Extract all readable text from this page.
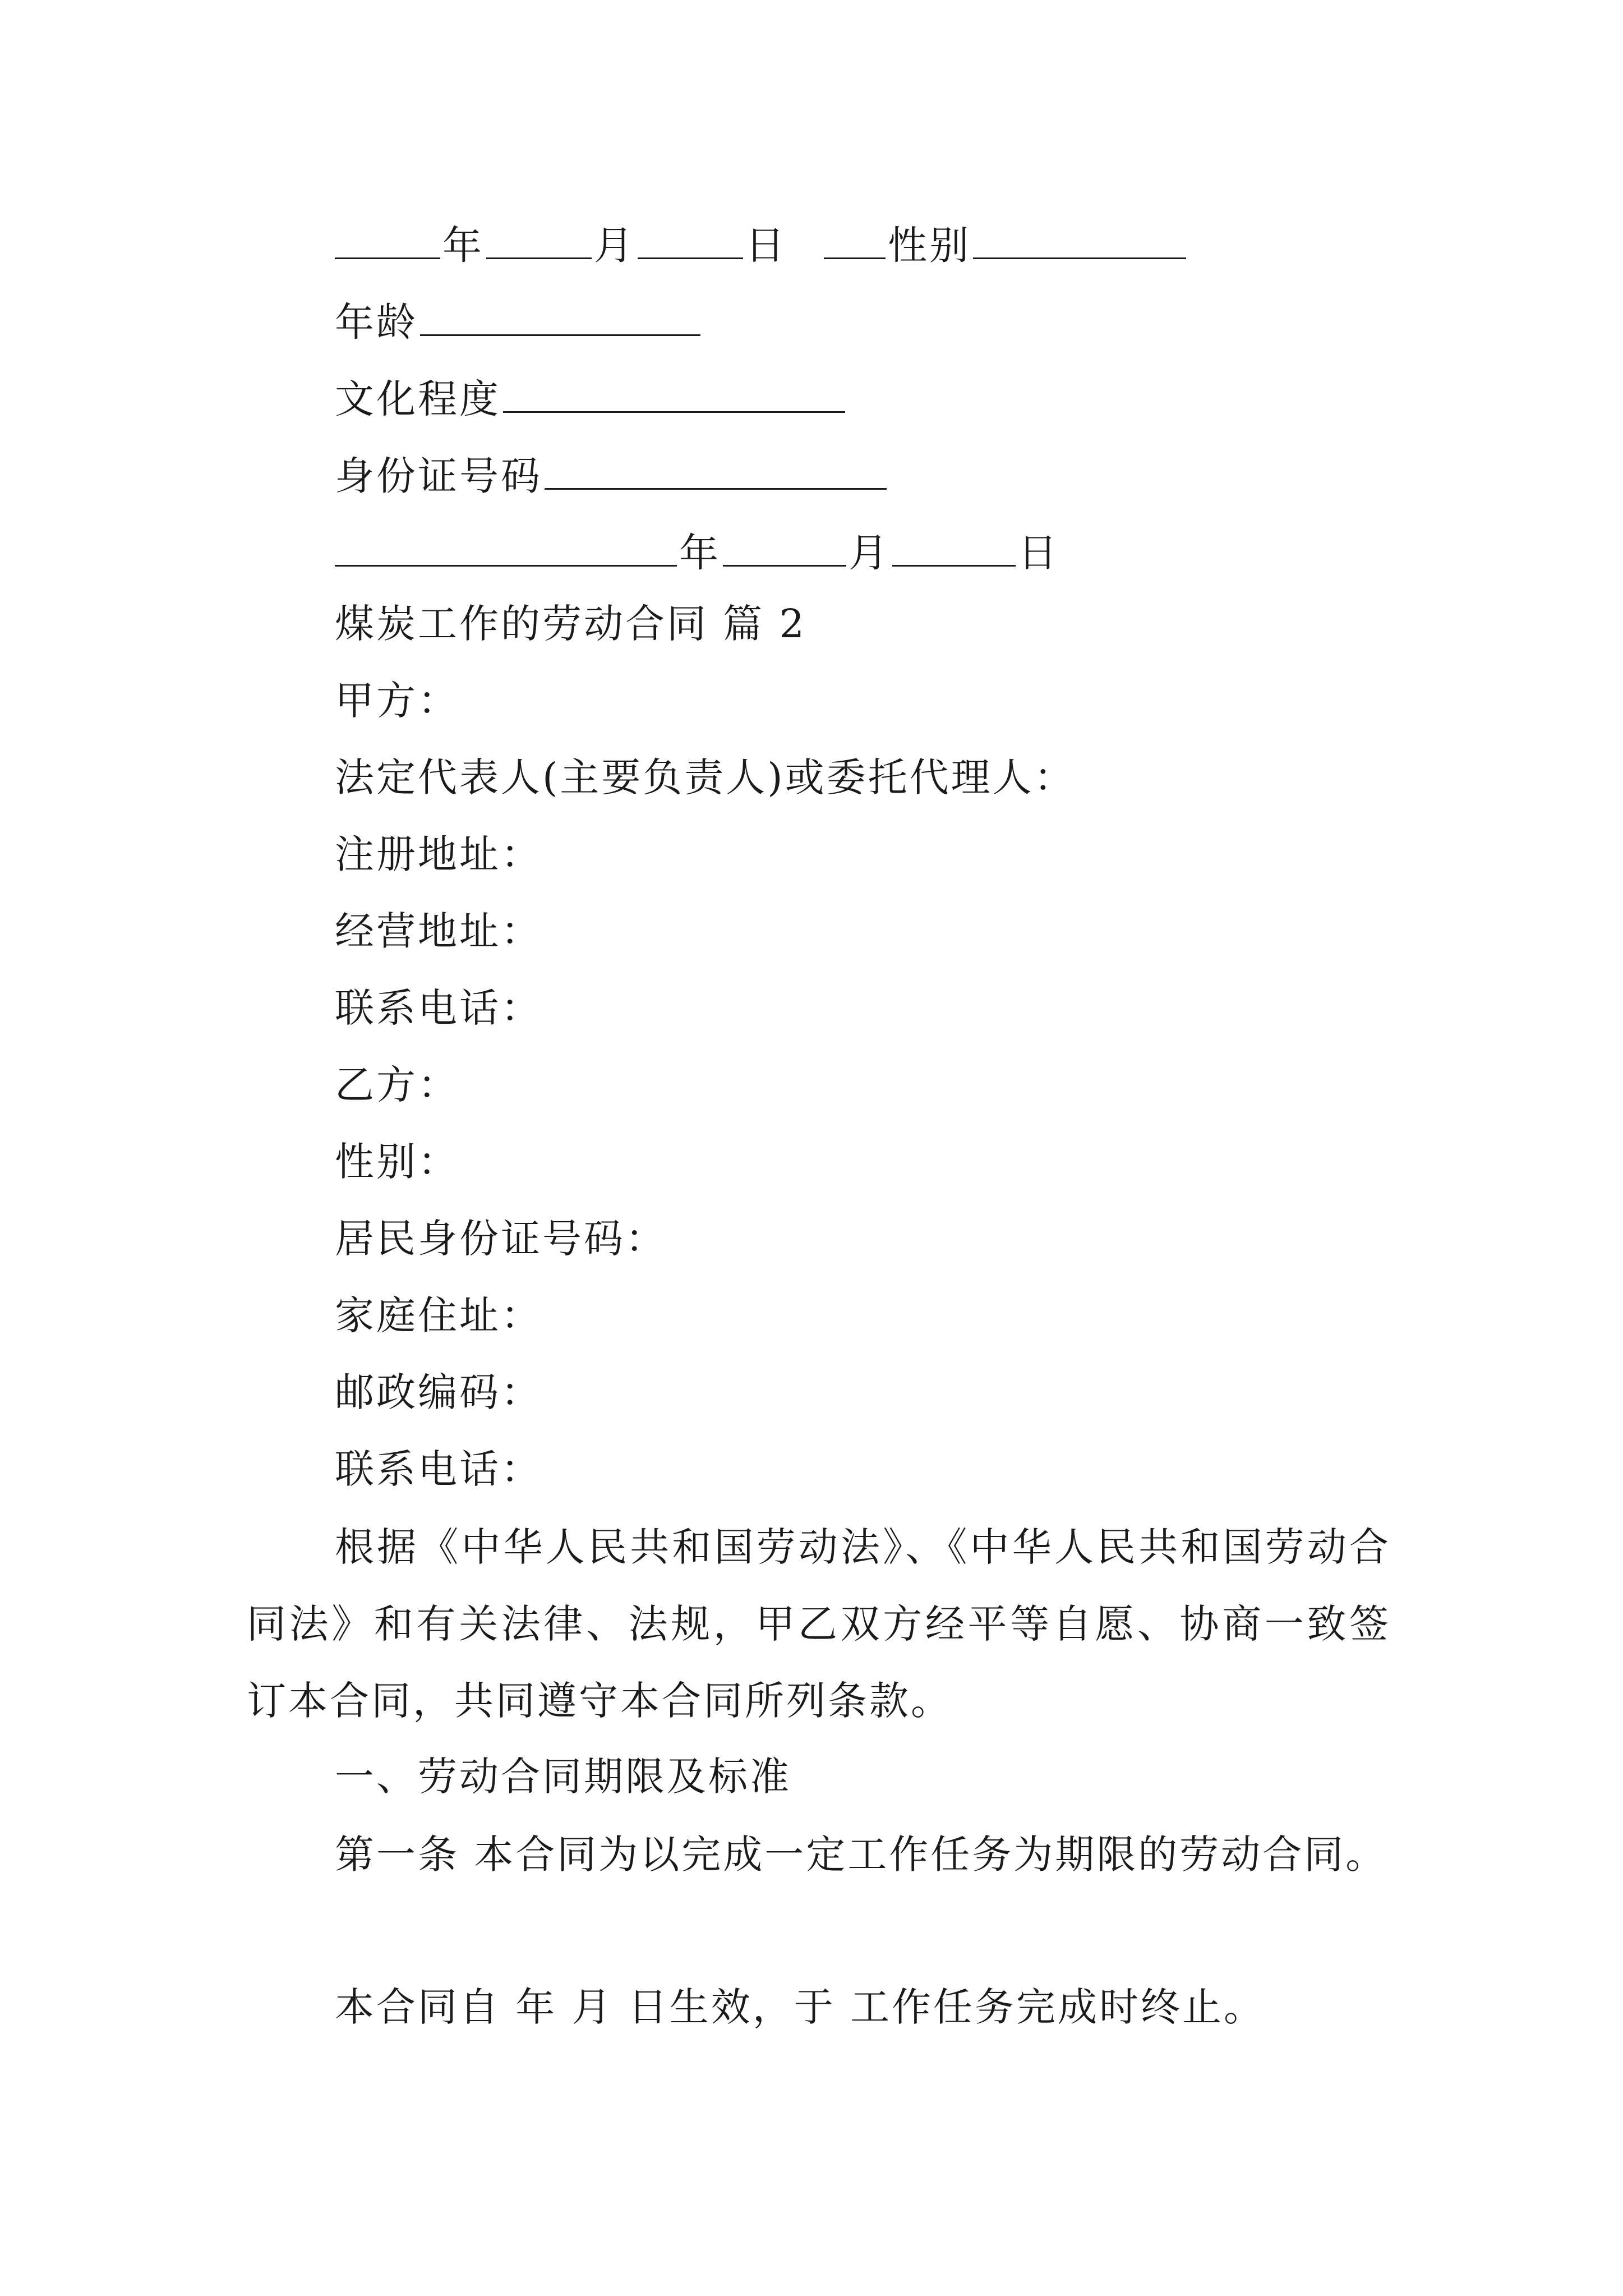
年	月	日	性别
年龄
文化程度
身份证号码
年	月	日
煤炭工作的劳动合同 篇 2
甲方：
法定代表人(主要负责人)或委托代理人：
注册地址：
经营地址：
联系电话：
乙方：
性别：
居民身份证号码：
家庭住址：
邮政编码：
联系电话：
根据《中华人民共和国劳动法》、《中华人民共和国劳动合同法》和有关法律、法规，甲乙双方经平等自愿、协商一致签订本合同，共同遵守本合同所列条款。
一、劳动合同期限及标准
第一条 本合同为以完成一定工作任务为期限的劳动合同。
本合同自 年 月 日生效，于 工作任务完成时终止。
